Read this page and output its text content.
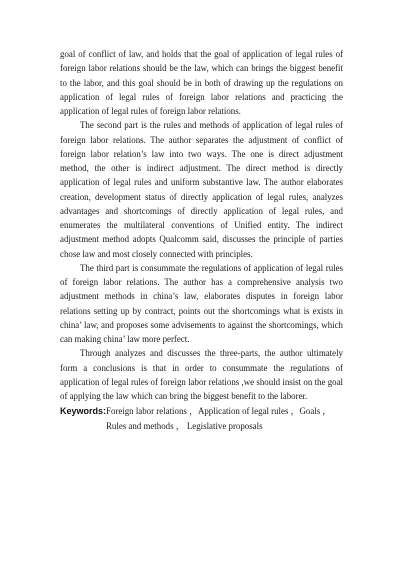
goal of conflict of law, and holds that the goal of application of legal rules of foreign labor relations should be the law, which can brings the biggest benefit to the labor, and this goal should be in both of drawing up the regulations on application of legal rules of foreign labor relations and practicing the application of legal rules of foreign labor relations.

The second part is the rules and methods of application of legal rules of foreign labor relations. The author separates the adjustment of conflict of foreign labor relation’s law into two ways. The one is direct adjustment method, the other is indirect adjustment. The direct method is directly application of legal rules and uniform substantive law. The author elaborates creation, development status of directly application of legal rules, analyzes advantages and shortcomings of directly application of legal rules, and enumerates the multilateral conventions of Unified entity. The indirect adjustment method adopts Qualcomm said, discusses the principle of parties chose law and most closely connected with principles.

The third part is consummate the regulations of application of legal rules of foreign labor relations. The author has a comprehensive analysis two adjustment methods in china’s law, elaborates disputes in foreign labor relations setting up by contract, points out the shortcomings what is exists in china’ law, and proposes some advisements to against the shortcomings, which can making china’ law more perfect.

Through analyzes and discusses the three-parts, the author ultimately form a conclusions is that in order to consummate the regulations of application of legal rules of foreign labor relations ,we should insist on the goal of applying the law which can bring the biggest benefit to the laborer.

Keywords:Foreign labor relations ，Application of legal rules ，Goals ，
Rules and methods ， Legislative proposals
